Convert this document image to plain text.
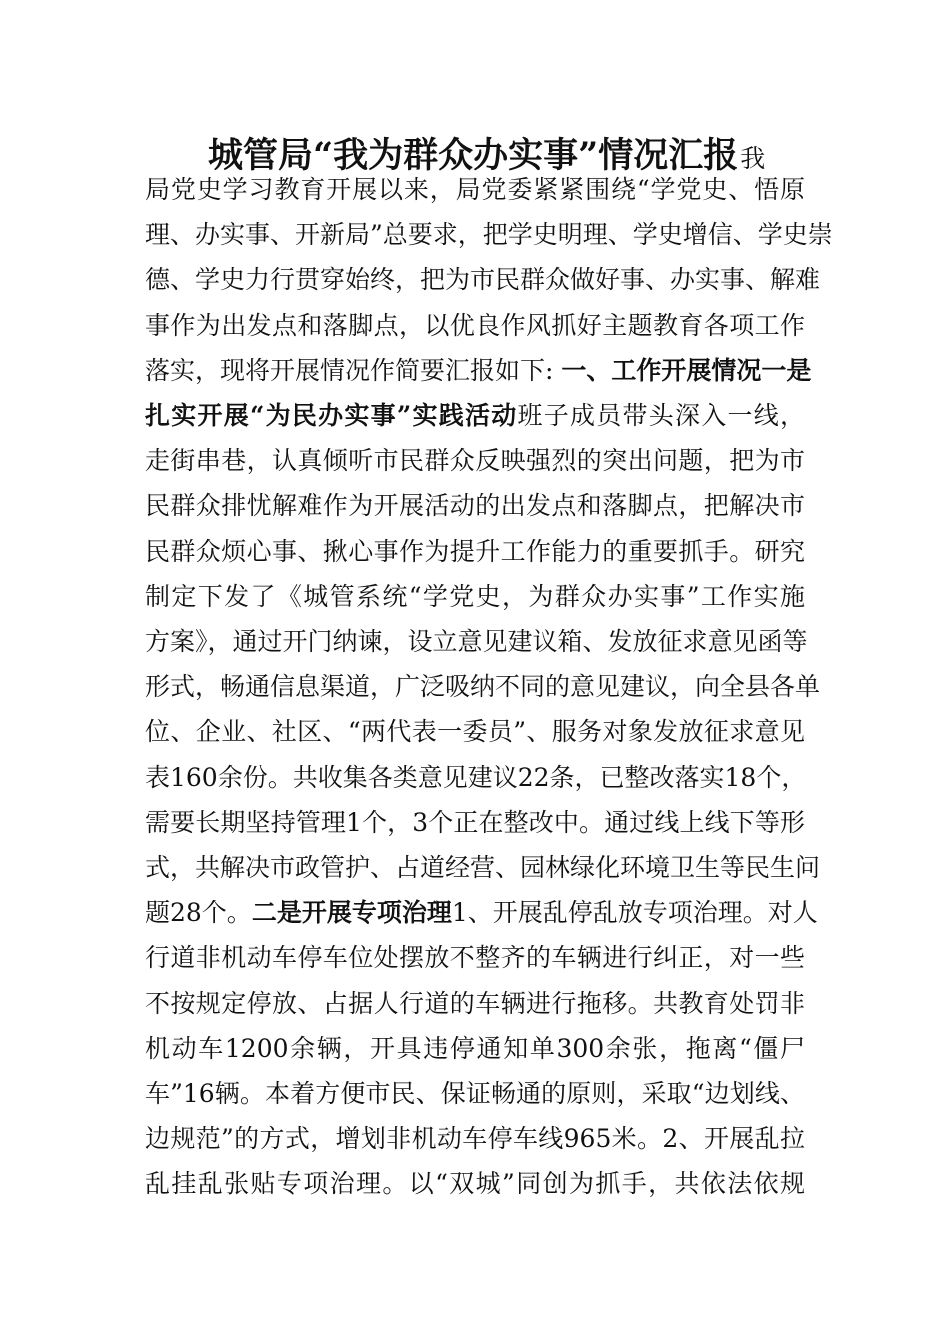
城管局“我为群众办实事”情况汇报我
局党史学习教育开展以来，局党委紧紧围绕“学党史、悟原
理、办实事、开新局”总要求，把学史明理、学史增信、学史崇
德、学史力行贯穿始终，把为市民群众做好事、办实事、解难
事作为出发点和落脚点，以优良作风抓好主题教育各项工作
落实，现将开展情况作简要汇报如下: 一、工作开展情况一是
扎实开展“为民办实事”实践活动班子成员带头深入一线，
走街串巷，认真倾听市民群众反映强烈的突出问题，把为市
民群众排忧解难作为开展活动的出发点和落脚点，把解决市
民群众烦心事、揪心事作为提升工作能力的重要抓手。研究
制定下发了《城管系统“学党史，为群众办实事”工作实施
方案》，通过开门纳谏，设立意见建议箱、发放征求意见函等
形式，畅通信息渠道，广泛吸纳不同的意见建议，向全县各单
位、企业、社区、“两代表一委员”、服务对象发放征求意见
表160余份。共收集各类意见建议22条，已整改落实18个，
需要长期坚持管理1个，3个正在整改中。通过线上线下等形
式，共解决市政管护、占道经营、园林绿化环境卫生等民生问
题28个。二是开展专项治理1、开展乱停乱放专项治理。对人
行道非机动车停车位处摆放不整齐的车辆进行纠正，对一些
不按规定停放、占据人行道的车辆进行拖移。共教育处罚非
机动车1200余辆，开具违停通知单300余张，拖离“僵尸
车”16辆。本着方便市民、保证畅通的原则，采取“边划线、
边规范”的方式，增划非机动车停车线965米。2、开展乱拉
乱挂乱张贴专项治理。以“双城”同创为抓手，共依法依规
